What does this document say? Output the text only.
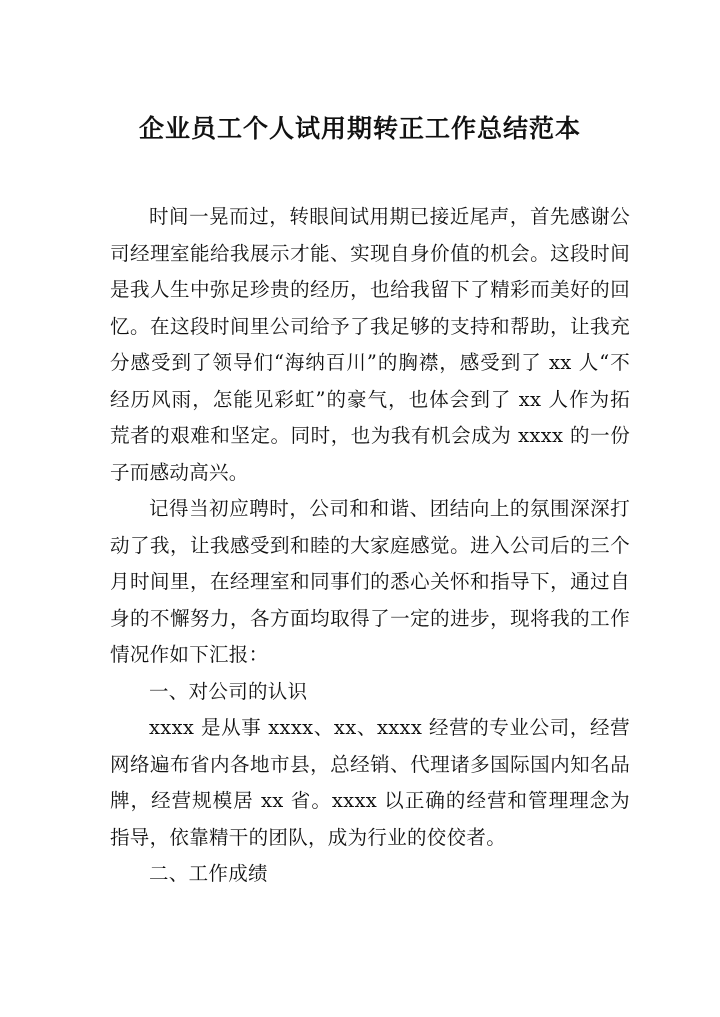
企业员工个人试用期转正工作总结范本

时间一晃而过，转眼间试用期已接近尾声，首先感谢公司经理室能给我展示才能、实现自身价值的机会。这段时间是我人生中弥足珍贵的经历，也给我留下了精彩而美好的回忆。在这段时间里公司给予了我足够的支持和帮助，让我充分感受到了领导们“海纳百川”的胸襟，感受到了 xx 人“不经历风雨，怎能见彩虹”的豪气，也体会到了 xx 人作为拓荒者的艰难和坚定。同时，也为我有机会成为 xxxx 的一份子而感动高兴。

记得当初应聘时，公司和和谐、团结向上的氛围深深打动了我，让我感受到和睦的大家庭感觉。进入公司后的三个月时间里，在经理室和同事们的悉心关怀和指导下，通过自身的不懈努力，各方面均取得了一定的进步，现将我的工作情况作如下汇报：

一、对公司的认识

xxxx 是从事 xxxx、xx、xxxx 经营的专业公司，经营网络遍布省内各地市县，总经销、代理诸多国际国内知名品牌，经营规模居 xx 省。xxxx 以正确的经营和管理理念为指导，依靠精干的团队，成为行业的佼佼者。

二、工作成绩
